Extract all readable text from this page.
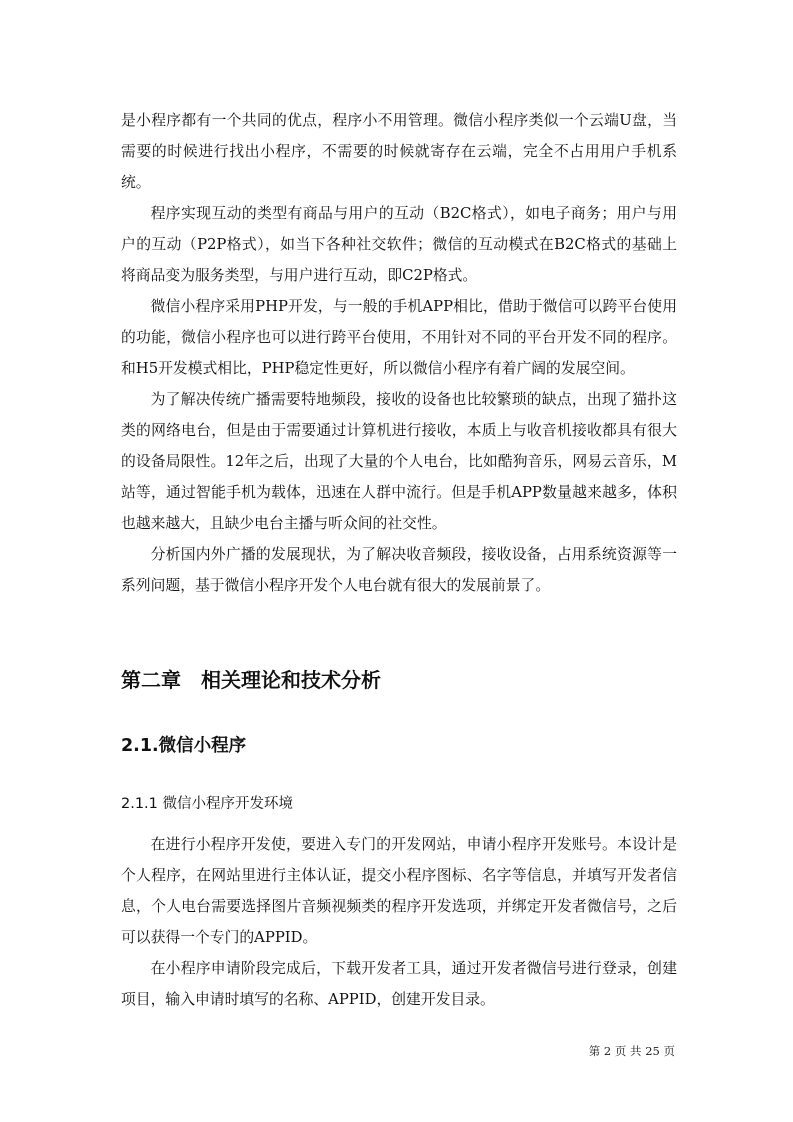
是小程序都有一个共同的优点，程序小不用管理。微信小程序类似一个云端U盘，当需要的时候进行找出小程序，不需要的时候就寄存在云端，完全不占用用户手机系统。

程序实现互动的类型有商品与用户的互动（B2C格式），如电子商务；用户与用户的互动（P2P格式），如当下各种社交软件；微信的互动模式在B2C格式的基础上将商品变为服务类型，与用户进行互动，即C2P格式。

微信小程序采用PHP开发，与一般的手机APP相比，借助于微信可以跨平台使用的功能，微信小程序也可以进行跨平台使用，不用针对不同的平台开发不同的程序。和H5开发模式相比，PHP稳定性更好，所以微信小程序有着广阔的发展空间。

为了解决传统广播需要特地频段，接收的设备也比较繁琐的缺点，出现了猫扑这类的网络电台，但是由于需要通过计算机进行接收，本质上与收音机接收都具有很大的设备局限性。12年之后，出现了大量的个人电台，比如酷狗音乐，网易云音乐，M站等，通过智能手机为载体，迅速在人群中流行。但是手机APP数量越来越多，体积也越来越大，且缺少电台主播与听众间的社交性。

分析国内外广播的发展现状，为了解决收音频段，接收设备，占用系统资源等一系列问题，基于微信小程序开发个人电台就有很大的发展前景了。

第二章　相关理论和技术分析
2.1.微信小程序
2.1.1 微信小程序开发环境

在进行小程序开发使，要进入专门的开发网站，申请小程序开发账号。本设计是个人程序，在网站里进行主体认证，提交小程序图标、名字等信息，并填写开发者信息，个人电台需要选择图片音频视频类的程序开发选项，并绑定开发者微信号，之后可以获得一个专门的APPID。

在小程序申请阶段完成后，下载开发者工具，通过开发者微信号进行登录，创建项目，输入申请时填写的名称、APPID，创建开发目录。

第 2 页 共 25 页
